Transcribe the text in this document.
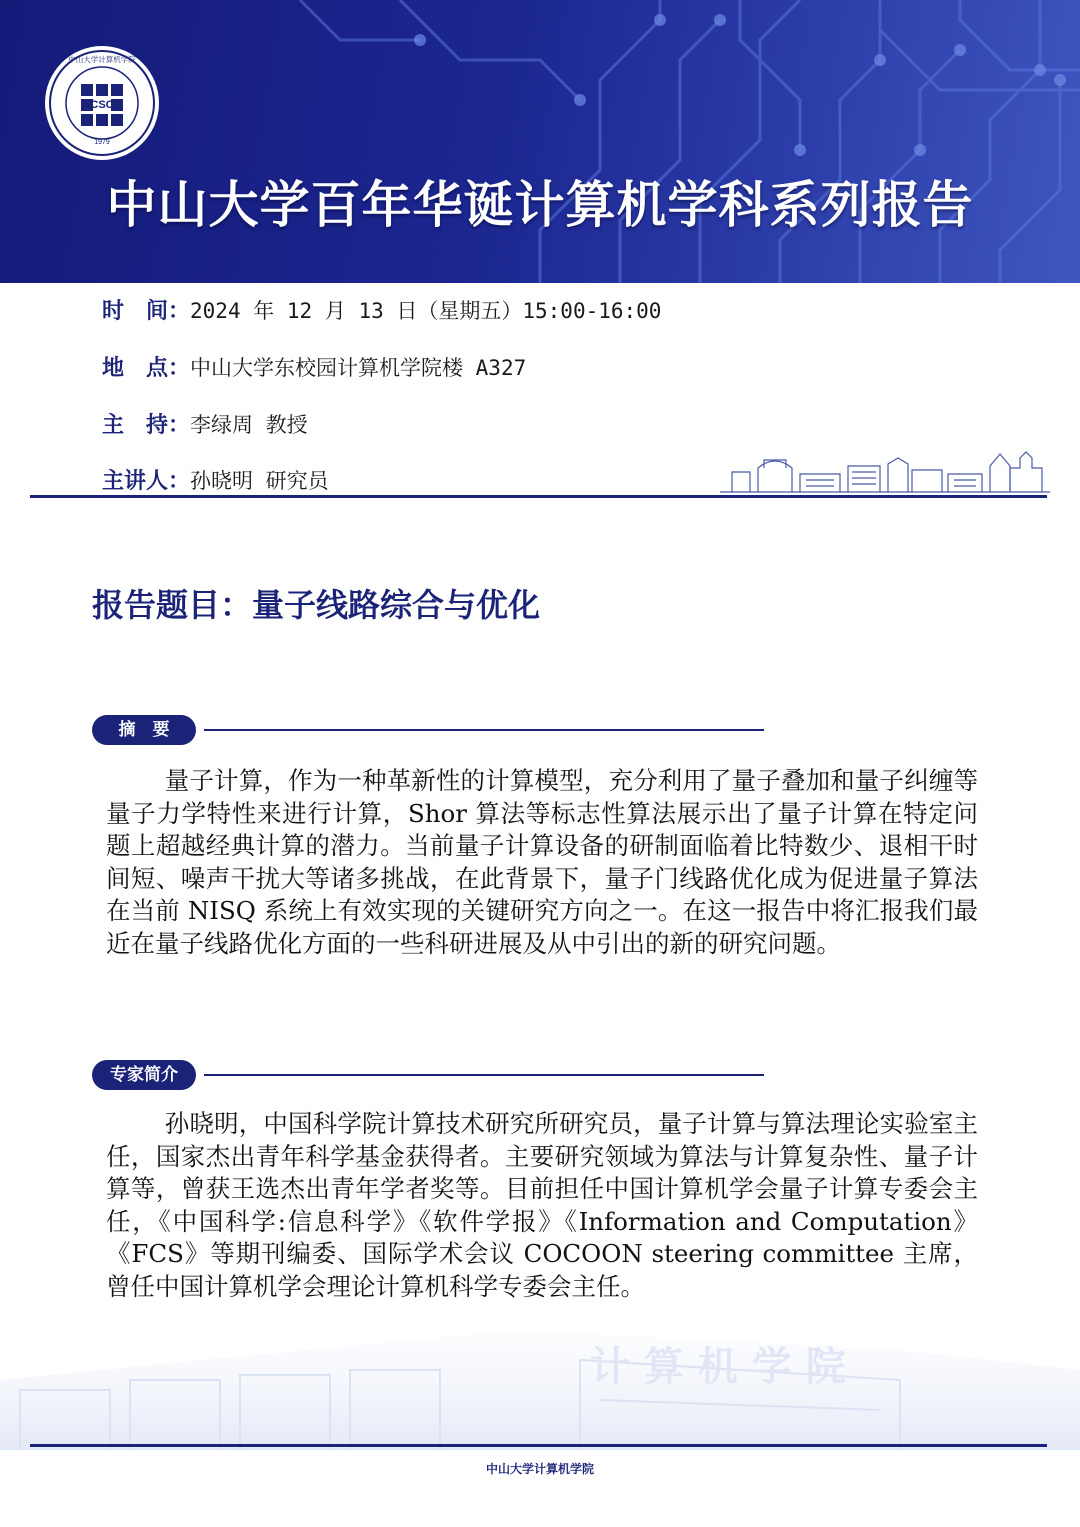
CSC
1979
中山大学计算机学院
中山大学百年华诞计算机学科系列报告
时　间：2024 年 12 月 13 日（星期五）15:00-16:00
地　点：中山大学东校园计算机学院楼 A327
主　持：李绿周 教授
主讲人：孙晓明 研究员
报告题目：量子线路综合与优化
摘　要
量子计算，作为一种革新性的计算模型，充分利用了量子叠加和量子纠缠等量子力学特性来进行计算，Shor 算法等标志性算法展示出了量子计算在特定问题上超越经典计算的潜力。当前量子计算设备的研制面临着比特数少、退相干时间短、噪声干扰大等诸多挑战，在此背景下，量子门线路优化成为促进量子算法在当前 NISQ 系统上有效实现的关键研究方向之一。在这一报告中将汇报我们最近在量子线路优化方面的一些科研进展及从中引出的新的研究问题。
专家简介
孙晓明，中国科学院计算技术研究所研究员，量子计算与算法理论实验室主任，国家杰出青年科学基金获得者。主要研究领域为算法与计算复杂性、量子计算等，曾获王选杰出青年学者奖等。目前担任中国计算机学会量子计算专委会主任，《中国科学:信息科学》《软件学报》《Information and Computation》《FCS》等期刊编委、国际学术会议 COCOON steering committee 主席，曾任中国计算机学会理论计算机科学专委会主任。
计 算 机 学 院
中山大学计算机学院
